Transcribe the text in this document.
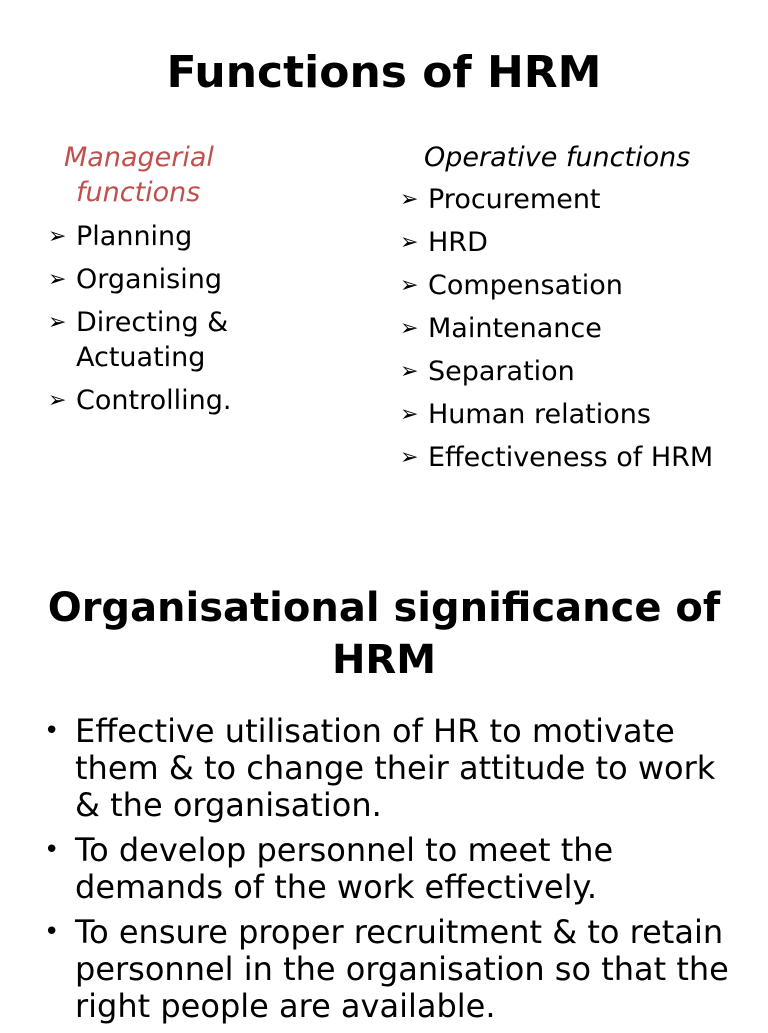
Functions of HRM
Managerial
functions
➢ Planning
➢ Organising
➢ Directing & Actuating
➢ Controlling.
Operative functions
➢ Procurement
➢ HRD
➢ Compensation
➢ Maintenance
➢ Separation
➢ Human relations
➢ Effectiveness of HRM
Organisational significance of HRM
• Effective utilisation of HR to motivate them & to change their attitude to work & the organisation.
• To develop personnel to meet the demands of the work effectively.
• To ensure proper recruitment & to retain personnel in the organisation so that the right people are available.
